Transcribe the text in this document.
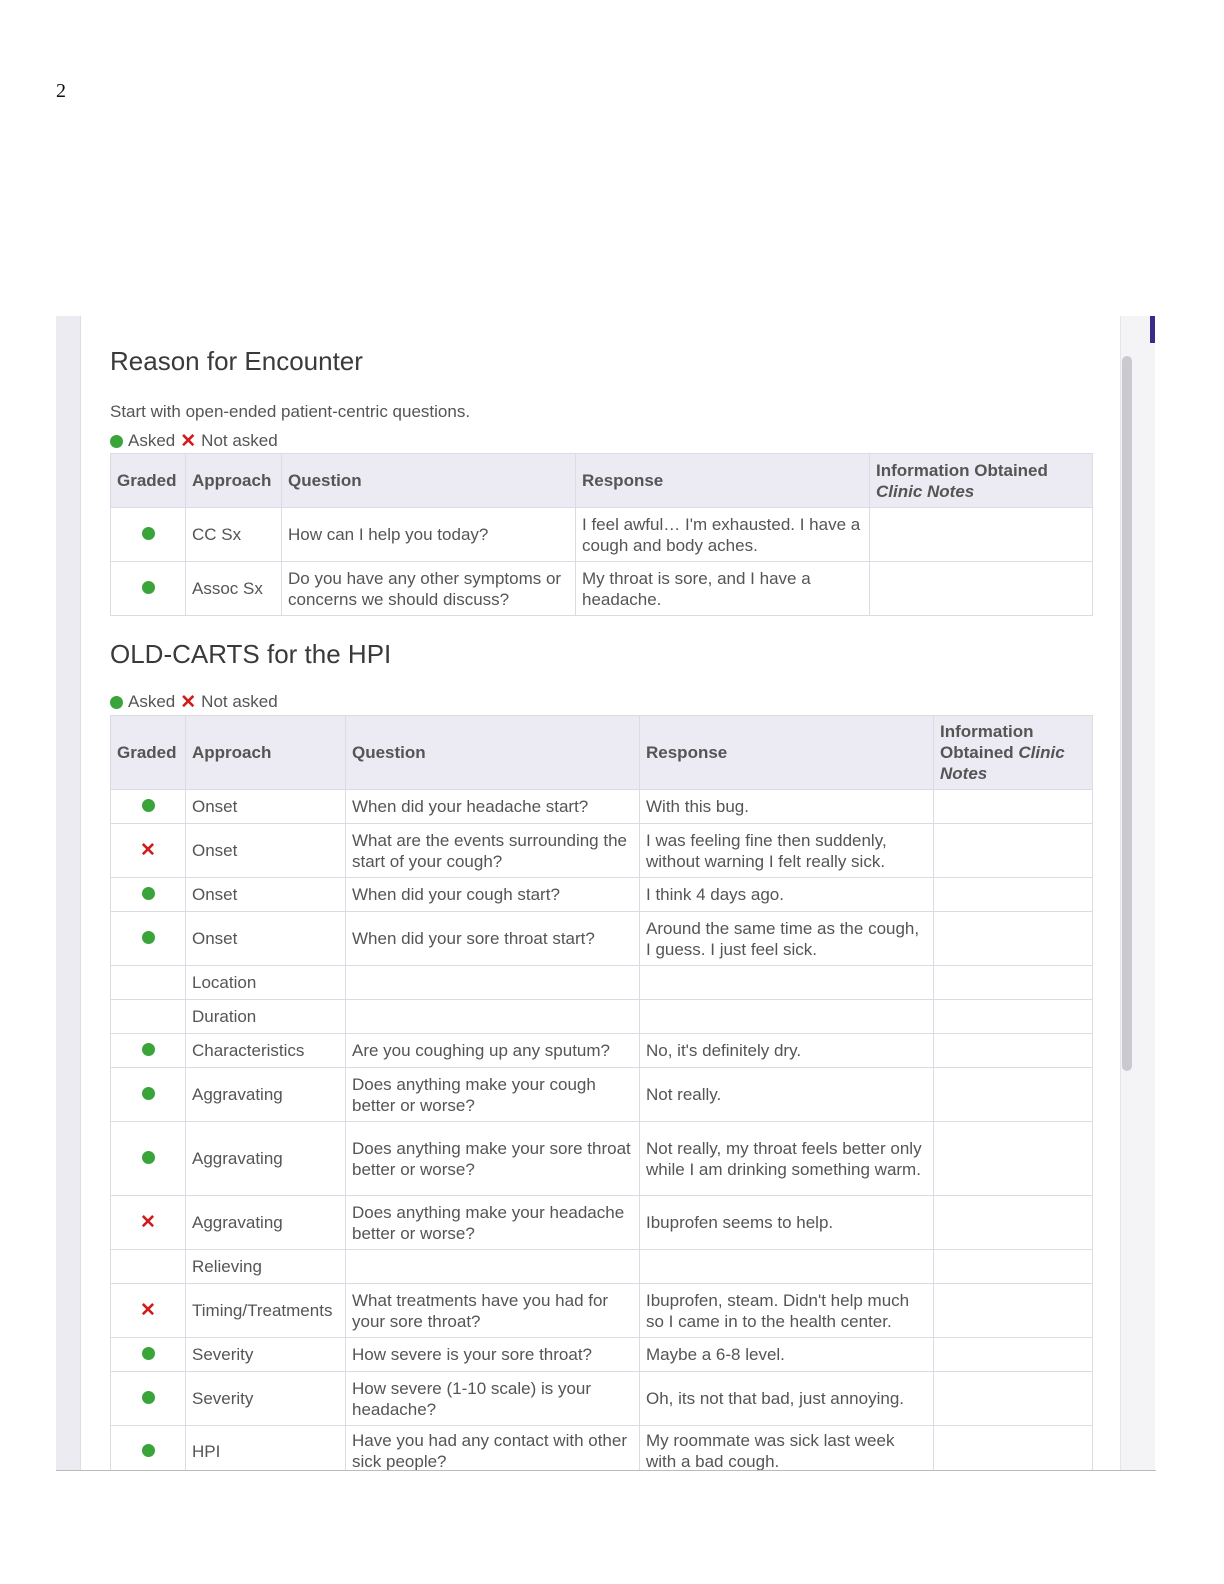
2
Reason for Encounter
Start with open-ended patient-centric questions.
Asked ✕ Not asked
Graded	Approach	Question	Response	Information Obtained
Clinic Notes
	CC Sx	How can I help you today?	I feel awful… I'm exhausted. I have a cough and body aches.	
	Assoc Sx	Do you have any other symptoms or concerns we should discuss?	My throat is sore, and I have a headache.	
OLD-CARTS for the HPI
Asked ✕ Not asked
Graded	Approach	Question	Response	Information Obtained Clinic Notes
	Onset	When did your headache start?	With this bug.	
✕	Onset	What are the events surrounding the start of your cough?	I was feeling fine then suddenly, without warning I felt really sick.	
	Onset	When did your cough start?	I think 4 days ago.	
	Onset	When did your sore throat start?	Around the same time as the cough, I guess. I just feel sick.	
	Location			
	Duration			
	Characteristics	Are you coughing up any sputum?	No, it's definitely dry.	
	Aggravating	Does anything make your cough better or worse?	Not really.	
	Aggravating	Does anything make your sore throat better or worse?	Not really, my throat feels better only while I am drinking something warm.	
✕	Aggravating	Does anything make your headache better or worse?	Ibuprofen seems to help.	
	Relieving			
✕	Timing/Treatments	What treatments have you had for your sore throat?	Ibuprofen, steam. Didn't help much so I came in to the health center.	
	Severity	How severe is your sore throat?	Maybe a 6-8 level.	
	Severity	How severe (1-10 scale) is your headache?	Oh, its not that bad, just annoying.	
	HPI	Have you had any contact with other sick people?	My roommate was sick last week with a bad cough.	
